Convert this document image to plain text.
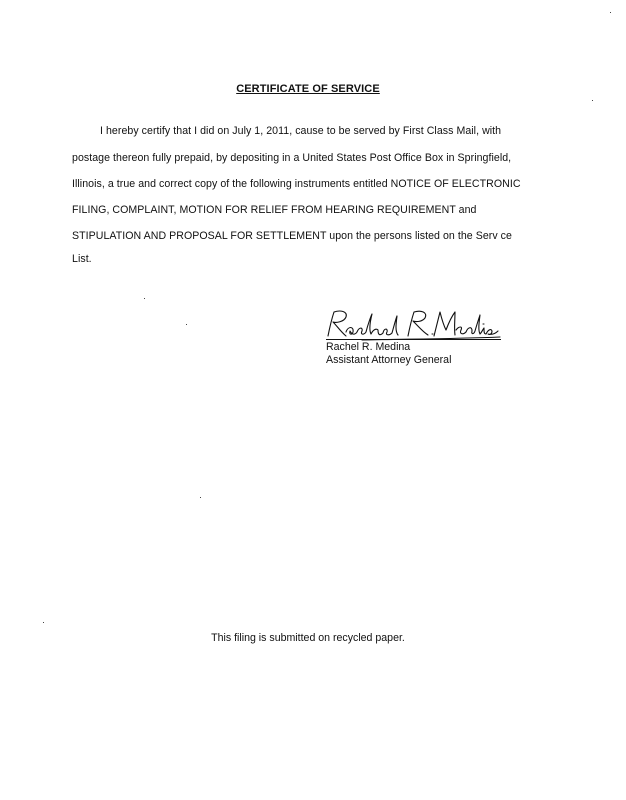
CERTIFICATE OF SERVICE
I hereby certify that I did on July 1, 2011, cause to be served by First Class Mail, with
postage thereon fully prepaid, by depositing in a United States Post Office Box in Springfield,
Illinois, a true and correct copy of the following instruments entitled NOTICE OF ELECTRONIC
FILING, COMPLAINT, MOTION FOR RELIEF FROM HEARING REQUIREMENT and
STIPULATION AND PROPOSAL FOR SETTLEMENT upon the persons listed on the Serv ce
List.
Rachel R. Medina
Assistant Attorney General
This filing is submitted on recycled paper.
